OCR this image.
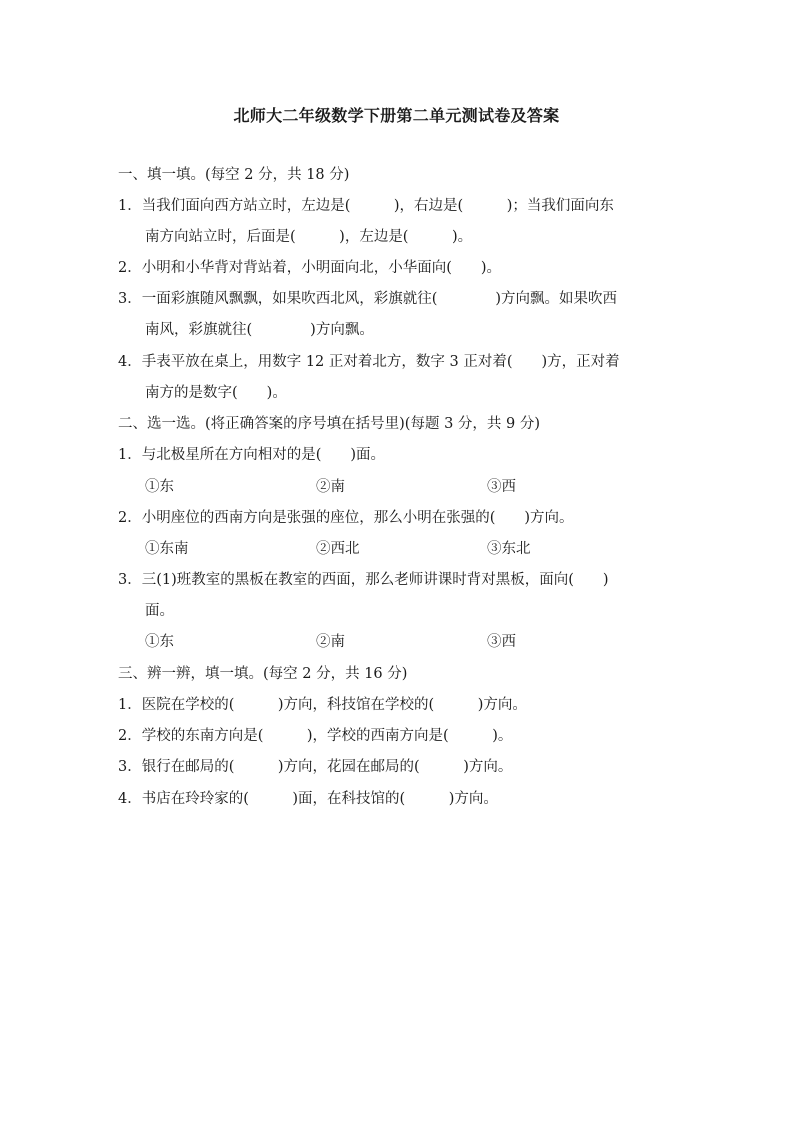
北师大二年级数学下册第二单元测试卷及答案
一、填一填。(每空 2 分，共 18 分)
1．当我们面向西方站立时，左边是(　　　)，右边是(　　　)；当我们面向东
南方向站立时，后面是(　　　)，左边是(　　　)。
2．小明和小华背对背站着，小明面向北，小华面向(　　)。
3．一面彩旗随风飘飘，如果吹西北风，彩旗就往(　　　　)方向飘。如果吹西
南风，彩旗就往(　　　　)方向飘。
4．手表平放在桌上，用数字 12 正对着北方，数字 3 正对着(　　)方，正对着
南方的是数字(　　)。
二、选一选。(将正确答案的序号填在括号里)(每题 3 分，共 9 分)
1．与北极星所在方向相对的是(　　)面。
①东	②南	③西
2．小明座位的西南方向是张强的座位，那么小明在张强的(　　)方向。
①东南	②西北	③东北
3．三(1)班教室的黑板在教室的西面，那么老师讲课时背对黑板，面向(　　)
面。
①东	②南	③西
三、辨一辨，填一填。(每空 2 分，共 16 分)
1．医院在学校的(　　　)方向，科技馆在学校的(　　　)方向。
2．学校的东南方向是(　　　)，学校的西南方向是(　　　)。
3．银行在邮局的(　　　)方向，花园在邮局的(　　　)方向。
4．书店在玲玲家的(　　　)面，在科技馆的(　　　)方向。
